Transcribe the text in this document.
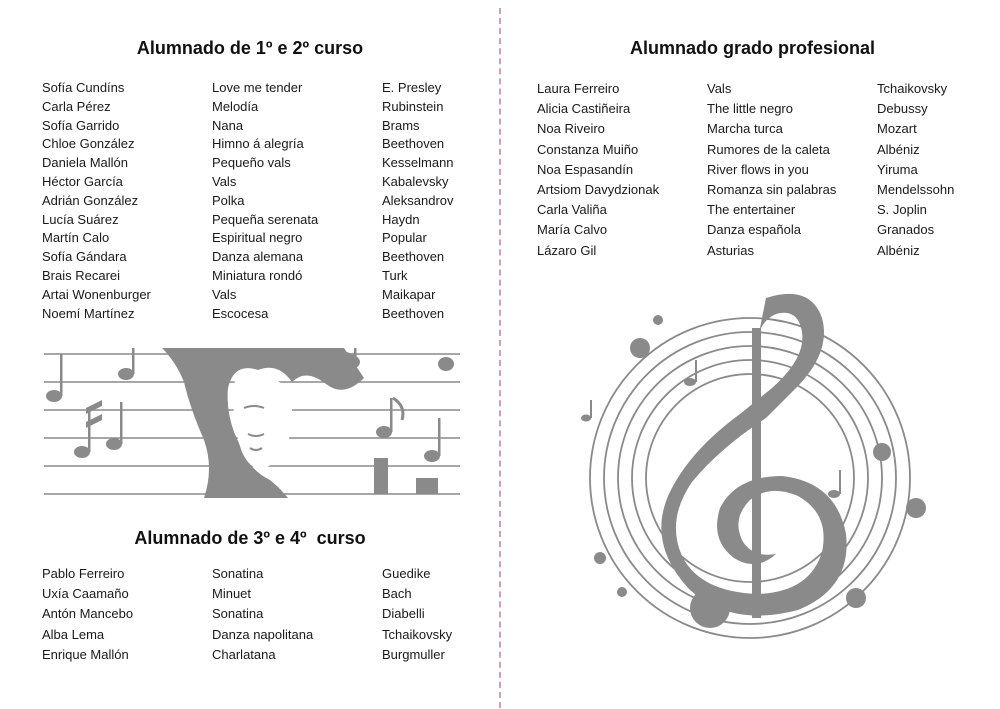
Alumnado de 1º e 2º curso
Sofía Cundíns	Love me tender	E. Presley
Carla Pérez	Melodía	Rubinstein
Sofía Garrido	Nana	Brams
Chloe González	Himno á alegría	Beethoven
Daniela Mallón	Pequeño vals	Kesselmann
Héctor García	Vals	Kabalevsky
Adrián González	Polka	Aleksandrov
Lucía Suárez	Pequeña serenata	Haydn
Martín Calo	Espiritual negro	Popular
Sofía Gándara	Danza alemana	Beethoven
Brais Recarei	Miniatura rondó	Turk
Artai Wonenburger	Vals	Maikapar
Noemí Martínez	Escocesa	Beethoven
Alumnado de 3º e 4º  curso
Pablo Ferreiro	Sonatina	Guedike
Uxía Caamaño	Minuet	Bach
Antón Mancebo	Sonatina	Diabelli
Alba Lema	Danza napolitana	Tchaikovsky
Enrique Mallón	Charlatana	Burgmuller
Alumnado grado profesional
Laura Ferreiro	Vals	Tchaikovsky
Alicia Castiñeira	The little negro	Debussy
Noa Riveiro	Marcha turca	Mozart
Constanza Muiño	Rumores de la caleta	Albéniz
Noa Espasandín	River flows in you	Yiruma
Artsiom Davydzionak	Romanza sin palabras	Mendelssohn
Carla Valiña	The entertainer	S. Joplin
María Calvo	Danza española	Granados
Lázaro Gil	Asturias	Albéniz
